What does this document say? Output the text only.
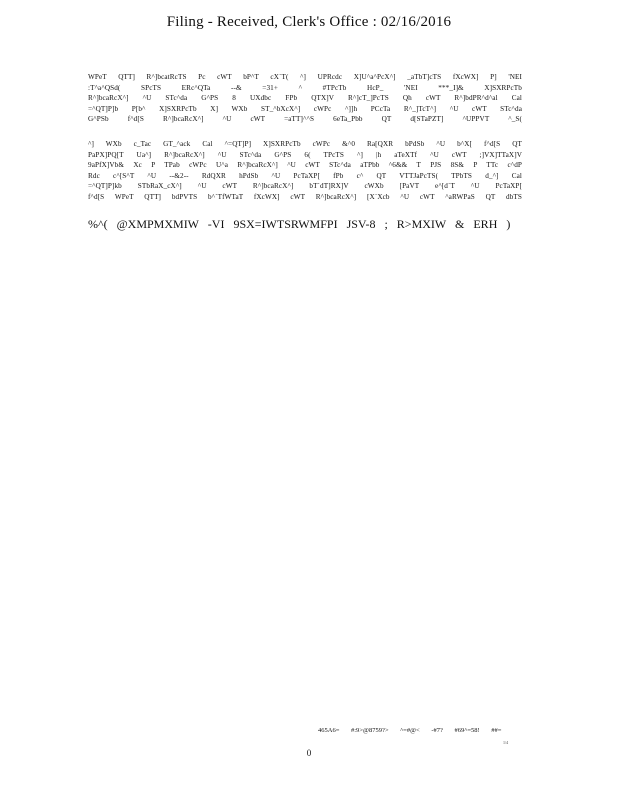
Filing - Received, Clerk's Office : 02/16/2016
WPeT QTT] R^]bcatRcTS Pc cWT bP^T cX`T( ^] UPRcdc X]U^a^PcX^] _aTbT]cTS fXcWX] P] 'NEI
:T^a^QSd( SPcTS ERc^QTa --& =31+ ^ #TPcTb HcP_ 'NEI ***_I]& X]SXRPcTb
R^]bcaRcX^] ^U STc^da G^PS 8 UXdbc FPb QTX]V R^]cT_]PcTS Qh cWT R^]bdPR^d^al Cal
=^QT]P]b P[b^ X]SXRPcTb X] WXb ST_^bXcX^] cWPc ^]]h PCcTa R^_]TcT^] ^U cWT STc^da
G^PSb f^d[S R^]bcaRcX^] ^U cWT =aTT]^^S 6eTa_Pbb QT d[STaPZT] ^UPPVT ^_S(
^] WXb c_Tac GT_^ack Cal ^=QT]P] X]SXRPcTb cWPc &^0 Ra[QXR bPdSb ^U b^X[ f^d[S QT
PaPX]PQ[T Ua^] R^]bcaRcX^] ^U STc^da G^PS 6( TPcTS ^] |h aTeXTf ^U cWT ;]VX]TTaX]V
9aPfX]Vb& Xc P TPab cWPc U^a R^]bcaRcX^] ^U cWT STc^da aTPbb ^6&& T PJS 8S& P TTc c^dP
Rdc c^[S^T ^U --&2-- RdQXR hPdSb ^U PcTaXP[ fPb c^ QT VTTJaPcTS( TPbTS d_^] Cal
=^QT]P]kb STbRaX_cX^] ^U cWT R^]bcaRcX^] bT`dT]RX]V cWXb [PaVT e^[d`T ^U PcTaXP[
f^d[S WPeT QTT] bdPVTS b^`TfWTaT fXcWX] cWT R^]bcaRcX^] [X`Xcb ^U cWT ^aRWPaS QT dbTS
%^( @XMPMXMIW -VI 9SX=IWTSRWMFPI JSV-8 ; R>MXIW & ERH )
465A6= #:9>@8759?> ^=#@< -#7? #69^=58! ##=
0
1/4
